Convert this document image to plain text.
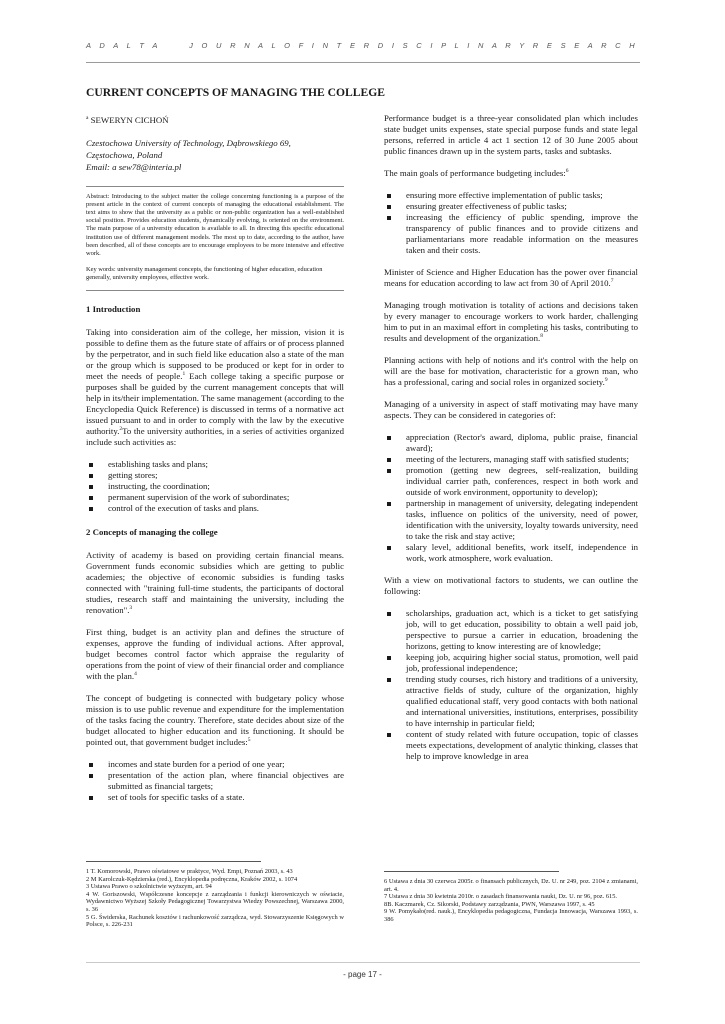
A D A L T A	J O U R N A L O F I N T E R D I S C I P L I N A R Y R E S E A R C H
CURRENT CONCEPTS OF MANAGING THE COLLEGE
$^a$ SEWERYN CICHOŃ
Czestochowa University of Technology, Dąbrowskiego 69,
Częstochowa, Poland
Email: a sew78@interia.pl
Abstract: Introducing to the subject matter the college concerning functioning is a purpose of the present article in the context of current concepts of managing the educational establishment. The text aims to show that the university as a public or non-public organization has a well-established social position. Provides education students, dynamically evolving, is oriented on the environment. The main purpose of a university education is available to all. In directing this specific educational institution use of different management models. The most up to date, according to the author, have been described, all of these concepts are to encourage employees to be more intensive and effective work.
Key words: university management concepts, the functioning of higher education, education generally, university employees, effective work.
1 Introduction

Taking into consideration aim of the college, her mission, vision it is possible to define them as the future state of affairs or of process planned by the perpetrator, and in such field like education also a state of the man or the group which is supposed to be produced or kept for in order to meet the needs of people.$^1$ Each college taking a specific purpose or purposes shall be guided by the current management concepts that will help in its/their implementation. The same management (according to the Encyclopedia Quick Reference) is discussed in terms of a normative act issued pursuant to and in order to comply with the law by the executive authority.$^2$To the university authorities, in a series of activities organized include such activities as:

establishing tasks and plans;
getting stores;
instructing, the coordination;
permanent supervision of the work of subordinates;
control of the execution of tasks and plans.
2 Concepts of managing the college

Activity of academy is based on providing certain financial means. Government funds economic subsidies which are getting to public academies; the objective of economic subsidies is funding tasks connected with "training full-time students, the participants of doctoral studies, research staff and maintaining the university, including the renovation".$^3$

First thing, budget is an activity plan and defines the structure of expenses, approve the funding of individual actions. After approval, budget becomes control factor which appraise the regularity of operations from the point of view of their financial order and compliance with the plan.$^4$

The concept of budgeting is connected with budgetary policy whose mission is to use public revenue and expenditure for the implementation of the tasks facing the country. Therefore, state decides about size of the budget allocated to higher education and its functioning. It should be pointed out, that government budget includes:$^5$

incomes and state burden for a period of one year;
presentation of the action plan, where financial objectives are submitted as financial targets;
set of tools for specific tasks of a state.

Performance budget is a three-year consolidated plan which includes state budget units expenses, state special purpose funds and state legal persons, referred in article 4 act 1 section 12 of 30 June 2005 about public finances drawn up in the system parts, tasks and subtasks.

The main goals of performance budgeting includes:$^6$

ensuring more effective implementation of public tasks;
ensuring greater effectiveness of public tasks;
increasing the efficiency of public spending, improve the transparency of public finances and to provide citizens and parliamentarians more readable information on the measures taken and their costs.

Minister of Science and Higher Education has the power over financial means for education according to law act from 30 of April 2010.$^7$

Managing trough motivation is totality of actions and decisions taken by every manager to encourage workers to work harder, challenging him to put in an maximal effort in completing his tasks, contributing to results and development of the organization.$^8$

Planning actions with help of notions and it's control with the help on will are the base for motivation, characteristic for a grown man, who has a professional, caring and social roles in organized society.$^9$

Managing of a university in aspect of staff motivating may have many aspects. They can be considered in categories of:

appreciation (Rector's award, diploma, public praise, financial award);
meeting of the lecturers, managing staff with satisfied students;
promotion (getting new degrees, self-realization, building individual carrier path, conferences, respect in both work and outside of work environment, opportunity to develop);
partnership in management of university, delegating independent tasks, influence on politics of the university, need of power, identification with the university, loyalty towards university, need to take the risk and stay active;
salary level, additional benefits, work itself, independence in work, work atmosphere, work evaluation.

With a view on motivational factors to students, we can outline the following:

scholarships, graduation act, which is a ticket to get satisfying job, will to get education, possibility to obtain a well paid job, perspective to pursue a carrier in education, broadening the horizons, getting to know interesting are of knowledge;
keeping job, acquiring higher social status, promotion, well paid job, professional independence;
trending study courses, rich history and traditions of a university, attractive fields of study, culture of the organization, highly qualified educational staff, very good contacts with both national and international universities, institutions, enterprises, possibility to have internship in particular field;
content of study related with future occupation, topic of classes meets expectations, development of analytic thinking, classes that help to improve knowledge in area
1 T. Komorowski, Prawo oświatowe w praktyce, Wyd. Empi, Poznań 2003, s. 43
2 M Karolczuk-Kędzierska (red.), Encyklopedia podręczna, Kraków 2002, s. 1074
3 Ustawa Prawo o szkolnictwie wyższym, art. 94
4 W. Goriszowski, Współczesne koncepcje z zarządzania i funkcji kierowniczych w oświacie, Wydawnictwo Wyższej Szkoły Pedagogicznej Towarzystwa Wiedzy Powszechnej, Warszawa 2000, s. 36
5 G. Świderska, Rachunek kosztów i rachunkowość zarządcza, wyd. Stowarzyszenie Księgowych w Polsce, s. 226-231
6 Ustawa z dnia 30 czerwca 2005r. o finansach publicznych, Dz. U. nr 249, poz. 2104 z zmianami, art. 4.
7 Ustawa z dnia 30 kwietnia 2010r. o zasadach finansowania nauki, Dz. U. nr 96, poz. 615.
8B. Kaczmarek, Cz. Sikorski, Podstawy zarządzania, PWN, Warszawa 1997, s. 45
9 W. Pomykało(red. nauk.), Encyklopedia pedagogiczna, Fundacja Innowacja, Warszawa 1993, s. 386
- page 17 -
